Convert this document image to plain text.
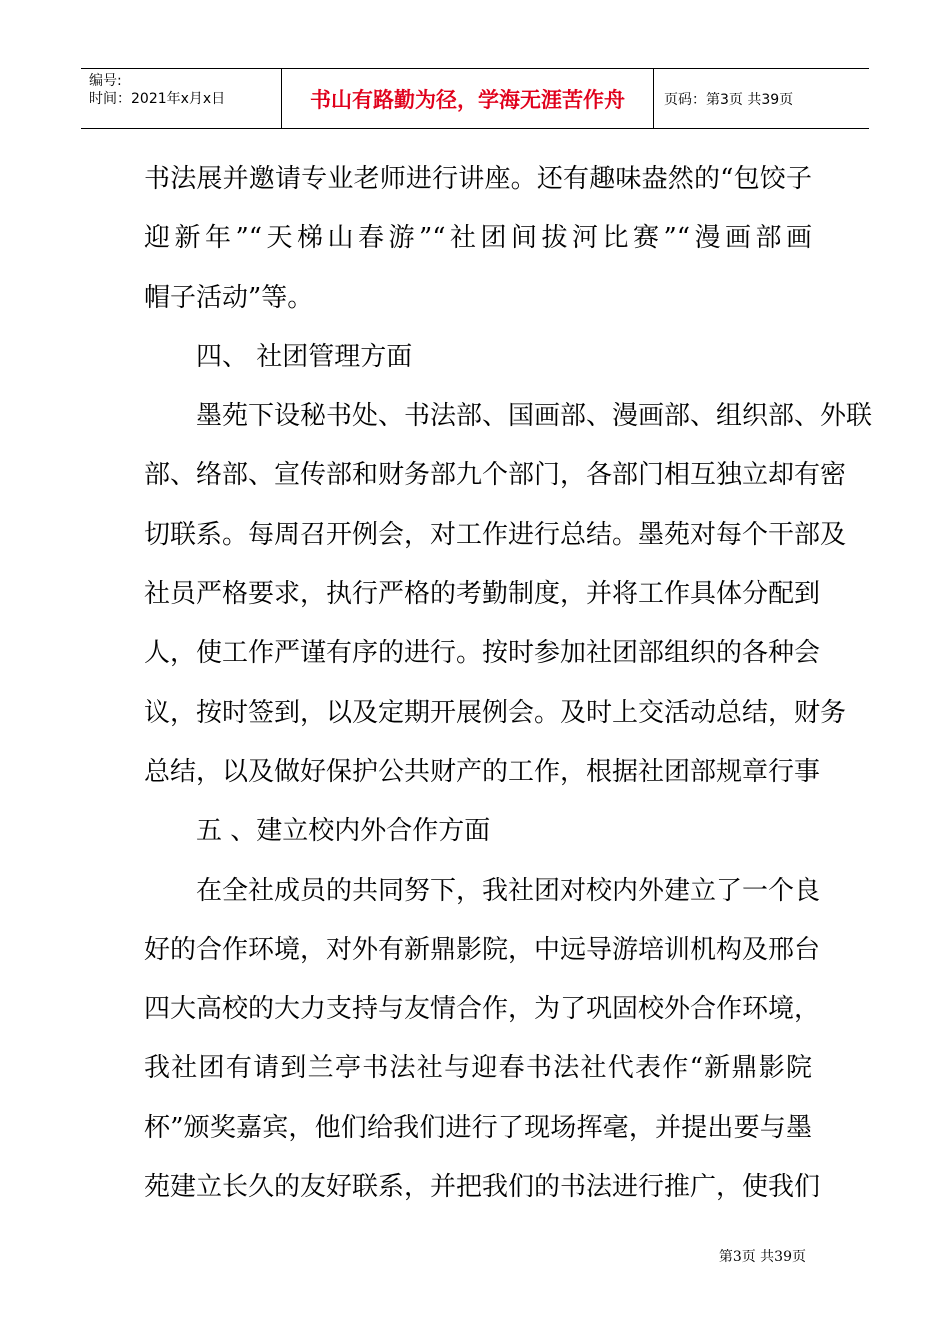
编号:
时间：2021年x月x日	书山有路勤为径，学海无涯苦作舟	页码：第3页 共39页
书法展并邀请专业老师进行讲座。还有趣味盎然的“包饺子
迎新年”“天梯山春游”“社团间拔河比赛”“漫画部画
帽子活动”等。
四、 社团管理方面
墨苑下设秘书处、书法部、国画部、漫画部、组织部、外联
部、络部、宣传部和财务部九个部门，各部门相互独立却有密
切联系。每周召开例会，对工作进行总结。墨苑对每个干部及
社员严格要求，执行严格的考勤制度，并将工作具体分配到
人，使工作严谨有序的进行。按时参加社团部组织的各种会
议，按时签到，以及定期开展例会。及时上交活动总结，财务
总结，以及做好保护公共财产的工作，根据社团部规章行事
五 、建立校内外合作方面
在全社成员的共同努下，我社团对校内外建立了一个良
好的合作环境，对外有新鼎影院，中远导游培训机构及邢台
四大高校的大力支持与友情合作，为了巩固校外合作环境，
我社团有请到兰亭书法社与迎春书法社代表作“新鼎影院
杯”颁奖嘉宾，他们给我们进行了现场挥毫，并提出要与墨
苑建立长久的友好联系，并把我们的书法进行推广，使我们
第3页 共39页
